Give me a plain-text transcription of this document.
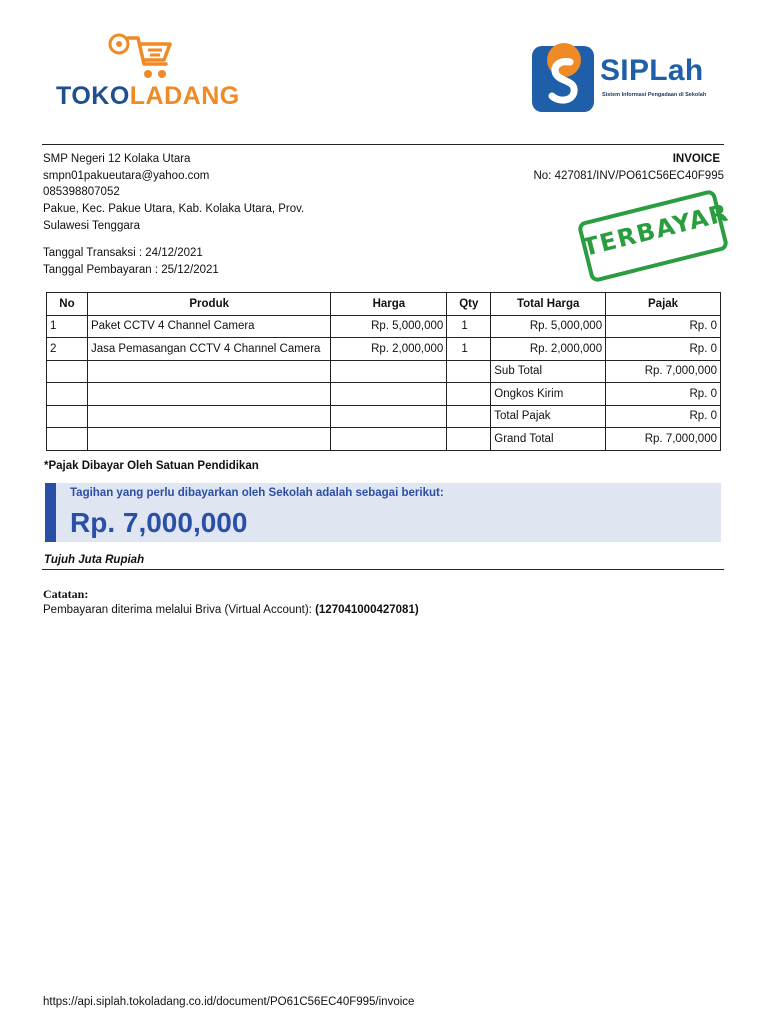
TOKOLADANG
SIPLah
Sistem Informasi Pengadaan di Sekolah
SMP Negeri 12 Kolaka Utara
smpn01pakueutara@yahoo.com
085398807052
Pakue, Kec. Pakue Utara, Kab. Kolaka Utara, Prov.
Sulawesi Tenggara
Tanggal Transaksi : 24/12/2021
Tanggal Pembayaran : 25/12/2021
INVOICE
No: 427081/INV/PO61C56EC40F995
TERBAYAR
No	Produk	Harga	Qty	Total Harga	Pajak
1	Paket CCTV 4 Channel Camera	Rp. 5,000,000	1	Rp. 5,000,000	Rp. 0
2	Jasa Pemasangan CCTV 4 Channel Camera	Rp. 2,000,000	1	Rp. 2,000,000	Rp. 0
				Sub Total	Rp. 7,000,000
				Ongkos Kirim	Rp. 0
				Total Pajak	Rp. 0
				Grand Total	Rp. 7,000,000
*Pajak Dibayar Oleh Satuan Pendidikan
Tagihan yang perlu dibayarkan oleh Sekolah adalah sebagai berikut:
Rp. 7,000,000
Tujuh Juta Rupiah
Catatan:
Pembayaran diterima melalui Briva (Virtual Account): (127041000427081)
https://api.siplah.tokoladang.co.id/document/PO61C56EC40F995/invoice
